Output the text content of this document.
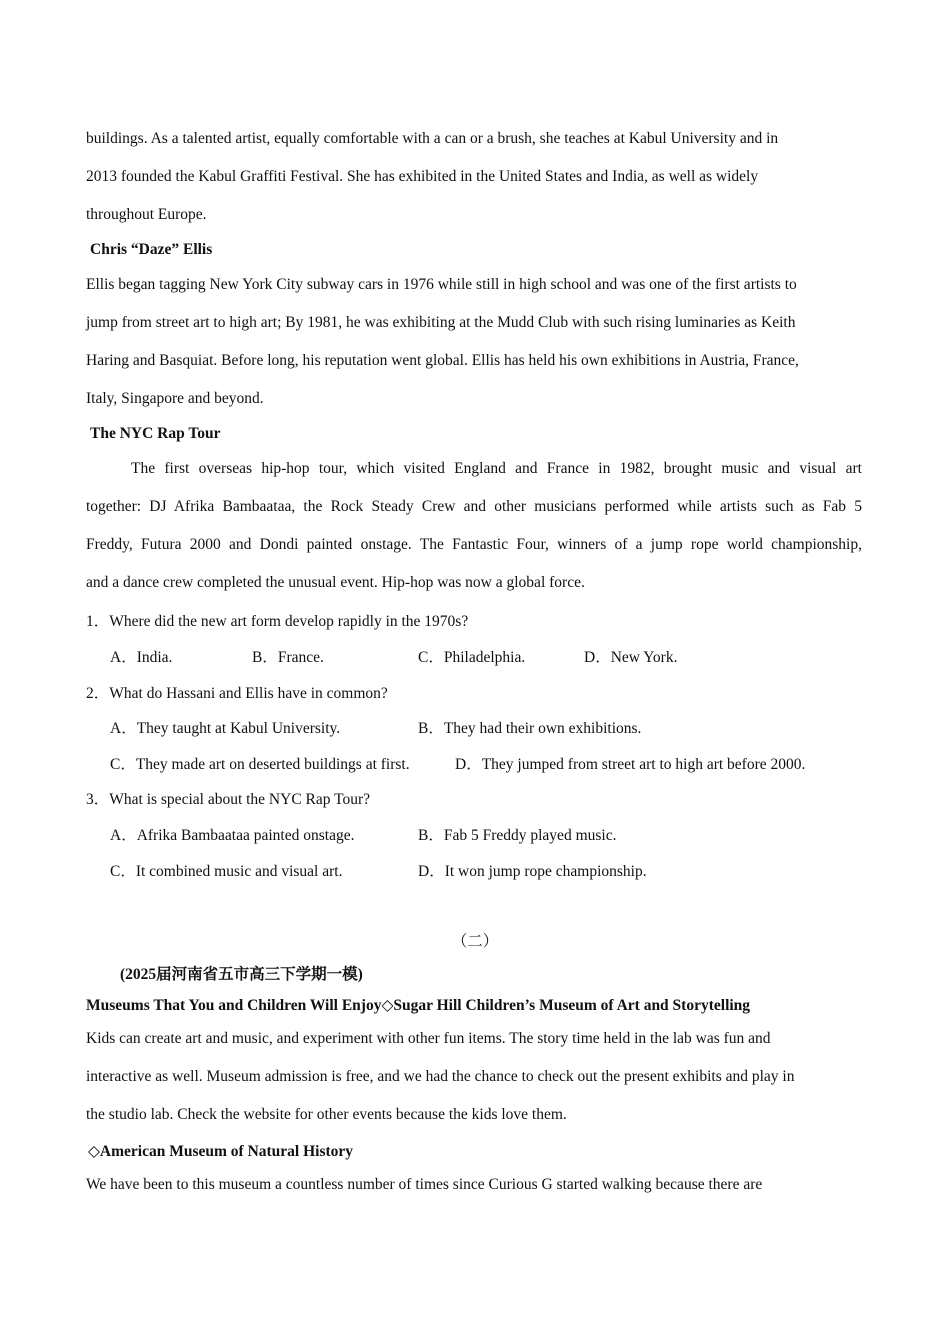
buildings. As a talented artist, equally comfortable with a can or a brush, she teaches at Kabul University and in
2013 founded the Kabul Graffiti Festival. She has exhibited in the United States and India, as well as widely
throughout Europe.
Chris “Daze” Ellis
Ellis began tagging New York City subway cars in 1976 while still in high school and was one of the first artists to
jump from street art to high art; By 1981, he was exhibiting at the Mudd Club with such rising luminaries as Keith
Haring and Basquiat. Before long, his reputation went global. Ellis has held his own exhibitions in Austria, France,
Italy, Singapore and beyond.
The NYC Rap Tour
The first overseas hip-hop tour, which visited England and France in 1982, brought music and visual art
together: DJ Afrika Bambaataa, the Rock Steady Crew and other musicians performed while artists such as Fab 5
Freddy, Futura 2000 and Dondi painted onstage. The Fantastic Four, winners of a jump rope world championship,
and a dance crew completed the unusual event. Hip-hop was now a global force.
1．Where did the new art form develop rapidly in the 1970s?
A．India.	B．France.	C．Philadelphia.	D．New York.
2．What do Hassani and Ellis have in common?
A．They taught at Kabul University.	B．They had their own exhibitions.
C．They made art on deserted buildings at first.	D．They jumped from street art to high art before 2000.
3．What is special about the NYC Rap Tour?
A．Afrika Bambaataa painted onstage.	B．Fab 5 Freddy played music.
C．It combined music and visual art.	D．It won jump rope championship.
（二）
(2025届河南省五市高三下学期一模)
Museums That You and Children Will Enjoy◇Sugar Hill Children’s Museum of Art and Storytelling
Kids can create art and music, and experiment with other fun items. The story time held in the lab was fun and
interactive as well. Museum admission is free, and we had the chance to check out the present exhibits and play in
the studio lab. Check the website for other events because the kids love them.
◇American Museum of Natural History
We have been to this museum a countless number of times since Curious G started walking because there are
